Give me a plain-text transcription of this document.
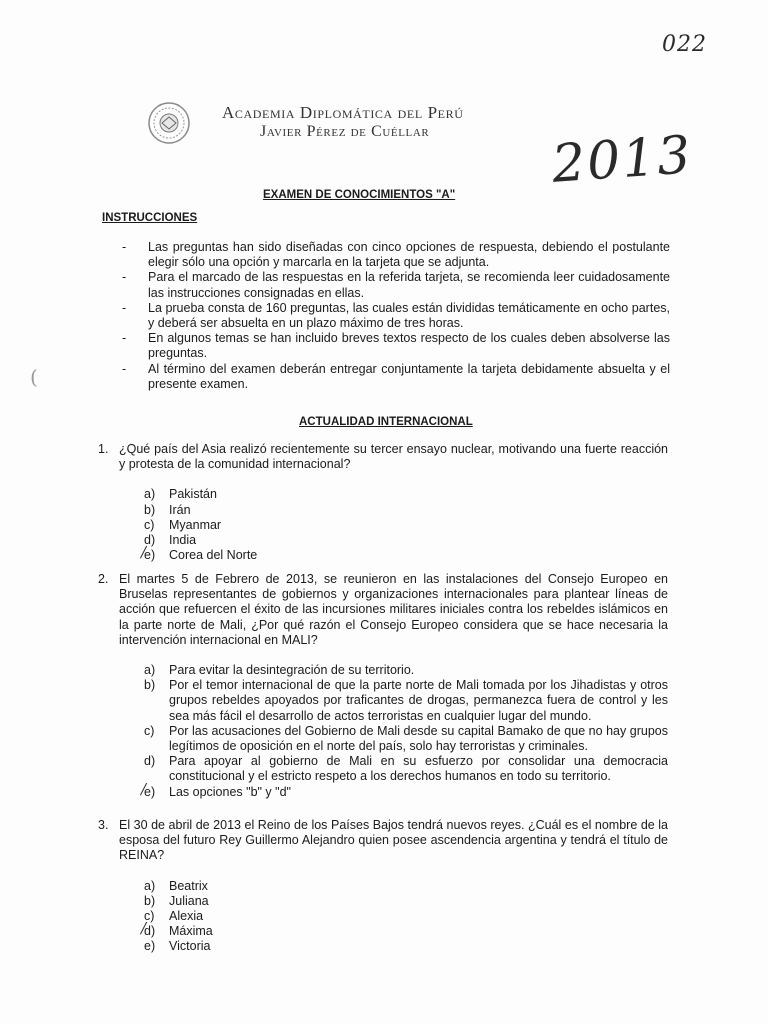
022
Academia Diplomática del Perú
Javier Pérez de Cuéllar 2013
EXAMEN DE CONOCIMIENTOS "A"
INSTRUCCIONES
- Las preguntas han sido diseñadas con cinco opciones de respuesta, debiendo el postulante elegir sólo una opción y marcarla en la tarjeta que se adjunta.
- Para el marcado de las respuestas en la referida tarjeta, se recomienda leer cuidadosamente las instrucciones consignadas en ellas.
- La prueba consta de 160 preguntas, las cuales están divididas temáticamente en ocho partes, y deberá ser absuelta en un plazo máximo de tres horas.
- En algunos temas se han incluido breves textos respecto de los cuales deben absolverse las preguntas.
- Al término del examen deberán entregar conjuntamente la tarjeta debidamente absuelta y el presente examen.
(
ACTUALIDAD INTERNACIONAL
1. ¿Qué país del Asia realizó recientemente su tercer ensayo nuclear, motivando una fuerte reacción y protesta de la comunidad internacional?
a)	Pakistán
b)	Irán
c)	Myanmar
d)	India
/
e)	Corea del Norte
2. El martes 5 de Febrero de 2013, se reunieron en las instalaciones del Consejo Europeo en Bruselas representantes de gobiernos y organizaciones internacionales para plantear líneas de acción que refuercen el éxito de las incursiones militares iniciales contra los rebeldes islámicos en la parte norte de Mali, ¿Por qué razón el Consejo Europeo considera que se hace necesaria la intervención internacional en MALI?
a)	Para evitar la desintegración de su territorio.
b)	Por el temor internacional de que la parte norte de Mali tomada por los Jihadistas y otros grupos rebeldes apoyados por traficantes de drogas, permanezca fuera de control y les sea más fácil el desarrollo de actos terroristas en cualquier lugar del mundo.
c)	Por las acusaciones del Gobierno de Mali desde su capital Bamako de que no hay grupos legítimos de oposición en el norte del país, solo hay terroristas y criminales.
d)	Para apoyar al gobierno de Mali en su esfuerzo por consolidar una democracia constitucional y el estricto respeto a los derechos humanos en todo su territorio.
/
e)	Las opciones "b" y "d"
3. El 30 de abril de 2013 el Reino de los Países Bajos tendrá nuevos reyes. ¿Cuál es el nombre de la esposa del futuro Rey Guillermo Alejandro quien posee ascendencia argentina y tendrá el título de REINA?
a)	Beatrix
b)	Juliana
c)	Alexia
/
d)	Máxima
e)	Victoria
